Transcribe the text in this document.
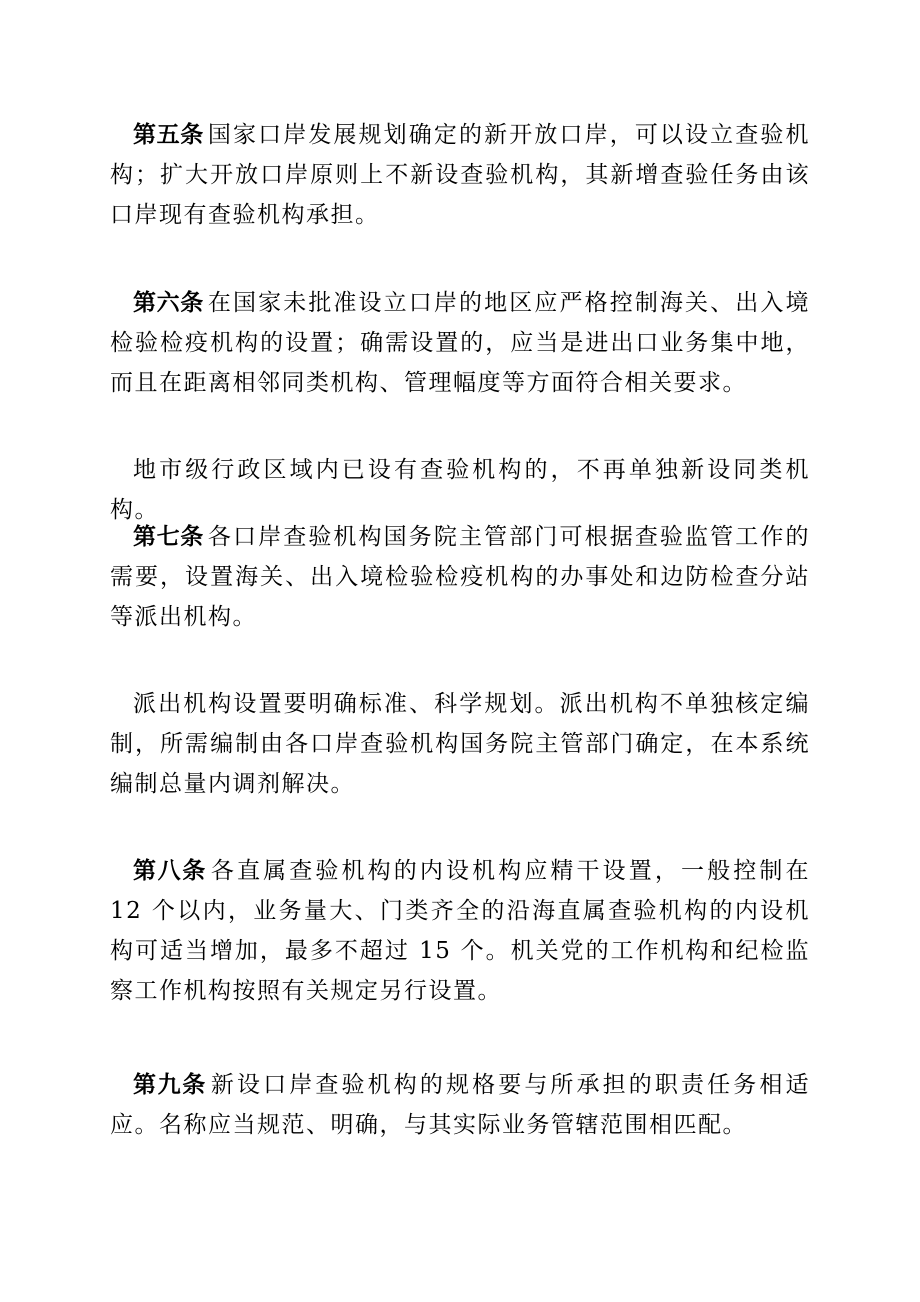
第五条 国家口岸发展规划确定的新开放口岸，可以设立查验机构；扩大开放口岸原则上不新设查验机构，其新增查验任务由该口岸现有查验机构承担。

第六条 在国家未批准设立口岸的地区应严格控制海关、出入境检验检疫机构的设置；确需设置的，应当是进出口业务集中地，而且在距离相邻同类机构、管理幅度等方面符合相关要求。

地市级行政区域内已设有查验机构的，不再单独新设同类机构。

第七条 各口岸查验机构国务院主管部门可根据查验监管工作的需要，设置海关、出入境检验检疫机构的办事处和边防检查分站等派出机构。

派出机构设置要明确标准、科学规划。派出机构不单独核定编制，所需编制由各口岸查验机构国务院主管部门确定，在本系统编制总量内调剂解决。

第八条 各直属查验机构的内设机构应精干设置，一般控制在 12 个以内，业务量大、门类齐全的沿海直属查验机构的内设机构可适当增加，最多不超过 15 个。机关党的工作机构和纪检监察工作机构按照有关规定另行设置。

第九条 新设口岸查验机构的规格要与所承担的职责任务相适应。名称应当规范、明确，与其实际业务管辖范围相匹配。
